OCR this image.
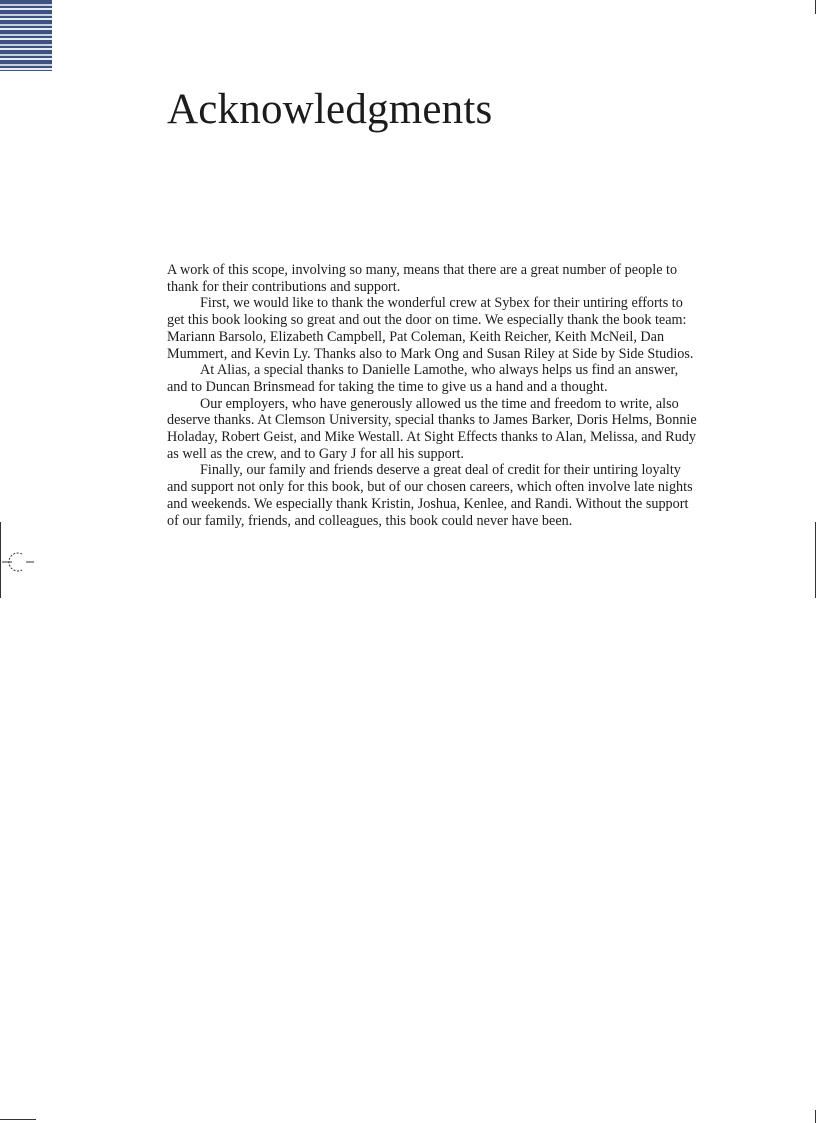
Acknowledgments

A work of this scope, involving so many, means that there are a great number of people to thank for their contributions and support.

First, we would like to thank the wonderful crew at Sybex for their untiring efforts to get this book looking so great and out the door on time. We especially thank the book team: Mariann Barsolo, Elizabeth Campbell, Pat Coleman, Keith Reicher, Keith McNeil, Dan Mummert, and Kevin Ly. Thanks also to Mark Ong and Susan Riley at Side by Side Studios.

At Alias, a special thanks to Danielle Lamothe, who always helps us find an answer, and to Duncan Brinsmead for taking the time to give us a hand and a thought.

Our employers, who have generously allowed us the time and freedom to write, also deserve thanks. At Clemson University, special thanks to James Barker, Doris Helms, Bonnie Holaday, Robert Geist, and Mike Westall. At Sight Effects thanks to Alan, Melissa, and Rudy as well as the crew, and to Gary J for all his support.

Finally, our family and friends deserve a great deal of credit for their untiring loyalty and support not only for this book, but of our chosen careers, which often involve late nights and weekends. We especially thank Kristin, Joshua, Kenlee, and Randi. Without the support of our family, friends, and colleagues, this book could never have been.
